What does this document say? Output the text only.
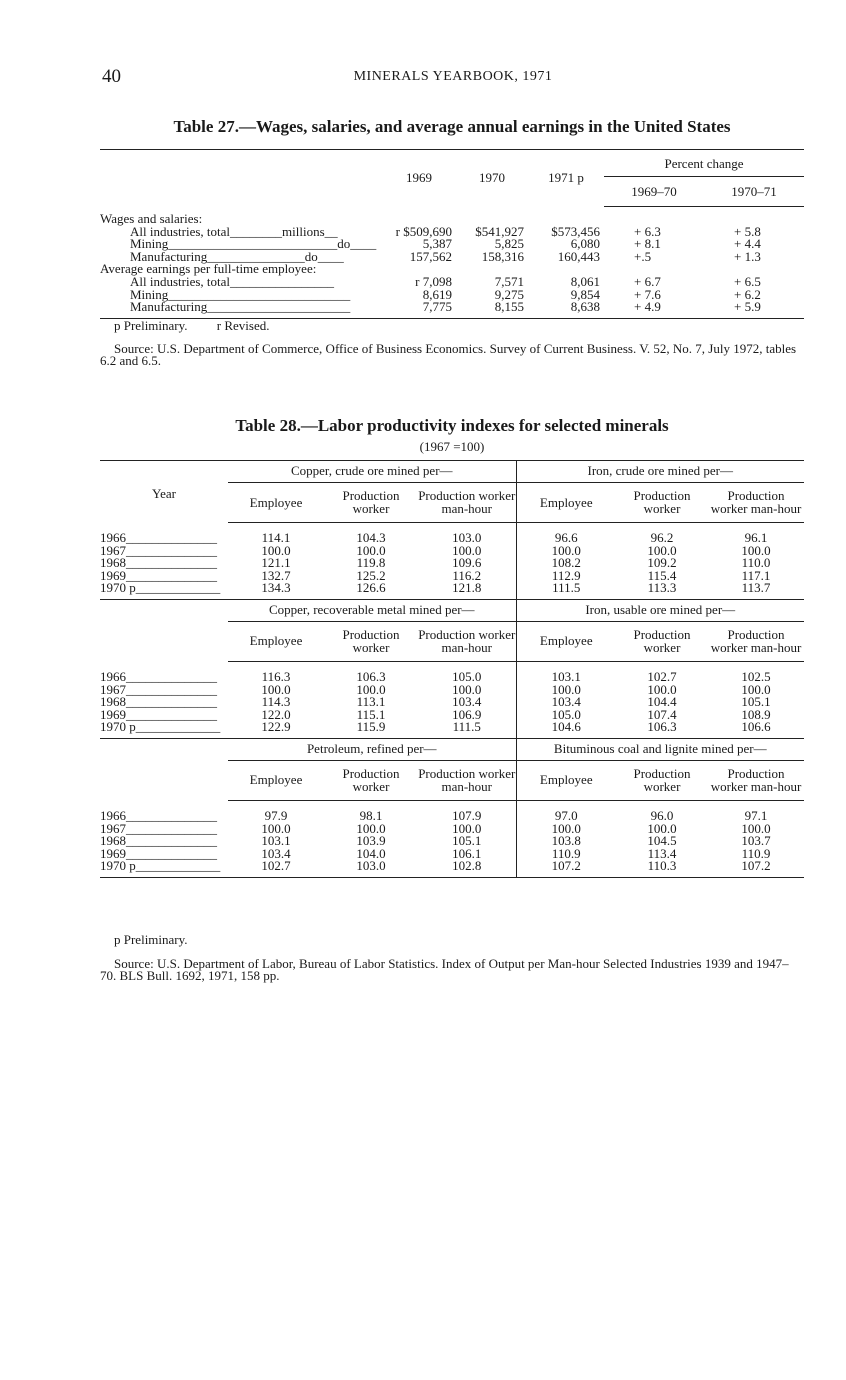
40	MINERALS YEARBOOK, 1971
Table 27.—Wages, salaries, and average annual earnings in the United States
	1969	1970	1971 p	Percent change	
				1969–70	1970–71
Wages and salaries:					
All industries, total________millions__	r $509,690	$541,927	$573,456	+ 6.3	+ 5.8
Mining__________________________do____	5,387	5,825	6,080	+ 8.1	+ 4.4
Manufacturing_______________do____	157,562	158,316	160,443	+.5	+ 1.3
Average earnings per full-time employee:					
All industries, total________________	r 7,098	7,571	8,061	+ 6.7	+ 6.5
Mining____________________________	8,619	9,275	9,854	+ 7.6	+ 6.2
Manufacturing______________________	7,775	8,155	8,638	+ 4.9	+ 5.9
p Preliminary. r Revised.
Source: U.S. Department of Commerce, Office of Business Economics. Survey of Current Business. V. 52, No. 7, July 1972, tables 6.2 and 6.5.
Table 28.—Labor productivity indexes for selected minerals
(1967 =100)
Year	Copper, crude ore mined per—			Iron, crude ore mined per—		
	Employee	Production worker	Production worker man-hour	Employee	Production worker	Production worker man-hour
1966______________	114.1	104.3	103.0	96.6	96.2	96.1
1967______________	100.0	100.0	100.0	100.0	100.0	100.0
1968______________	121.1	119.8	109.6	108.2	109.2	110.0
1969______________	132.7	125.2	116.2	112.9	115.4	117.1
1970 p_____________	134.3	126.6	121.8	111.5	113.3	113.7
	Copper, recoverable metal mined per—			Iron, usable ore mined per—		
	Employee	Production worker	Production worker man-hour	Employee	Production worker	Production worker man-hour
1966______________	116.3	106.3	105.0	103.1	102.7	102.5
1967______________	100.0	100.0	100.0	100.0	100.0	100.0
1968______________	114.3	113.1	103.4	103.4	104.4	105.1
1969______________	122.0	115.1	106.9	105.0	107.4	108.9
1970 p_____________	122.9	115.9	111.5	104.6	106.3	106.6
	Petroleum, refined per—			Bituminous coal and lignite mined per—		
	Employee	Production worker	Production worker man-hour	Employee	Production worker	Production worker man-hour
1966______________	97.9	98.1	107.9	97.0	96.0	97.1
1967______________	100.0	100.0	100.0	100.0	100.0	100.0
1968______________	103.1	103.9	105.1	103.8	104.5	103.7
1969______________	103.4	104.0	106.1	110.9	113.4	110.9
1970 p_____________	102.7	103.0	102.8	107.2	110.3	107.2
p Preliminary.
Source: U.S. Department of Labor, Bureau of Labor Statistics. Index of Output per Man-hour Selected Industries 1939 and 1947–70. BLS Bull. 1692, 1971, 158 pp.
